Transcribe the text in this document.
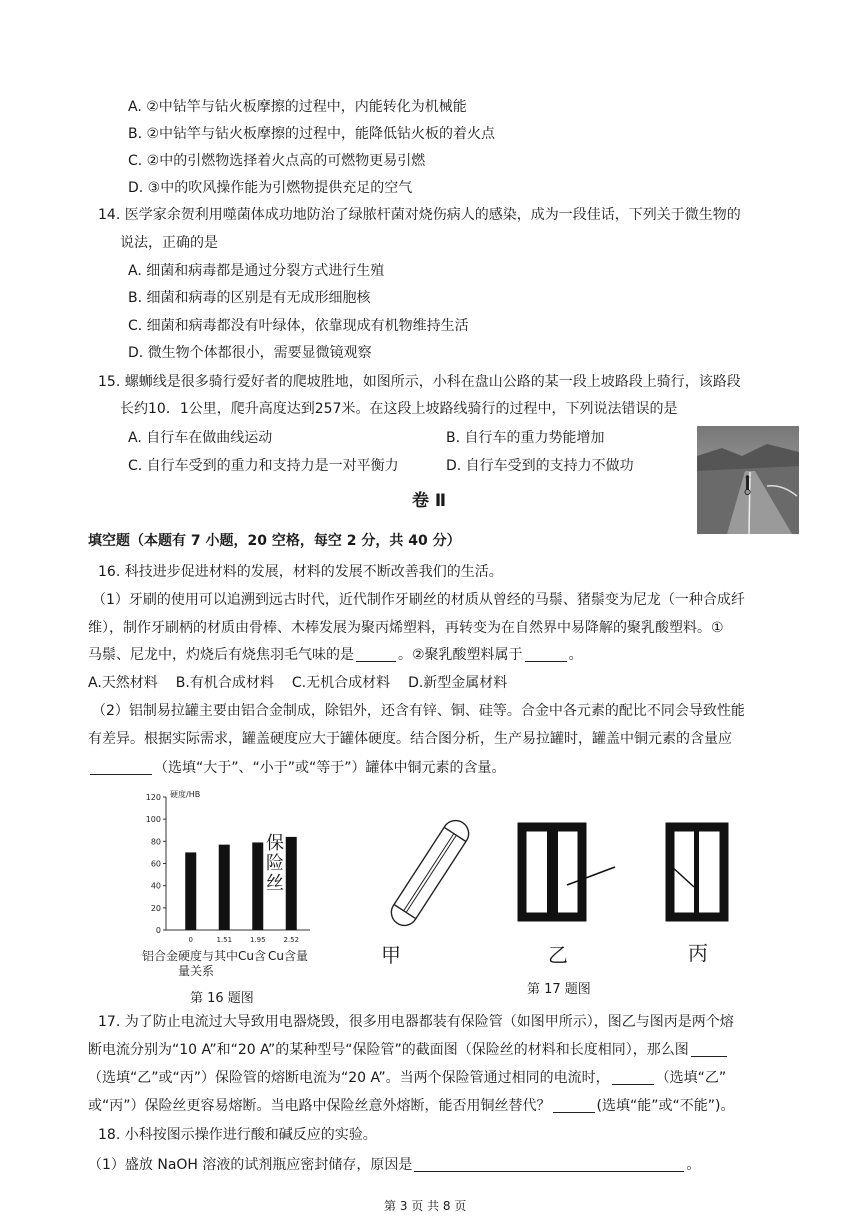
A. ②中钻竿与钻火板摩擦的过程中，内能转化为机械能
B. ②中钻竿与钻火板摩擦的过程中，能降低钻火板的着火点
C. ②中的引燃物选择着火点高的可燃物更易引燃
D. ③中的吹风操作能为引燃物提供充足的空气
14. 医学家余贺利用噬菌体成功地防治了绿脓杆菌对烧伤病人的感染，成为一段佳话，下列关于微生物的
说法，正确的是
A. 细菌和病毒都是通过分裂方式进行生殖
B. 细菌和病毒的区别是有无成形细胞核
C. 细菌和病毒都没有叶绿体，依靠现成有机物维持生活
D. 微生物个体都很小，需要显微镜观察
15. 螺蛳线是很多骑行爱好者的爬坡胜地，如图所示，小科在盘山公路的某一段上坡路段上骑行，该路段
长约10．1公里，爬升高度达到257米。在这段上坡路线骑行的过程中，下列说法错误的是
A. 自行车在做曲线运动	B. 自行车的重力势能增加
C. 自行车受到的重力和支持力是一对平衡力	D. 自行车受到的支持力不做功
卷 Ⅱ
填空题（本题有 7 小题，20 空格，每空 2 分，共 40 分）
16. 科技进步促进材料的发展，材料的发展不断改善我们的生活。
（1）牙刷的使用可以追溯到远古时代，近代制作牙刷丝的材质从曾经的马鬃、猪鬃变为尼龙（一种合成纤
维），制作牙刷柄的材质由骨棒、木棒发展为聚丙烯塑料，再转变为在自然界中易降解的聚乳酸塑料。①
马鬃、尼龙中，灼烧后有烧焦羽毛气味的是	。②聚乳酸塑料属于	。
A.天然材料 B.有机合成材料 C.无机合成材料 D.新型金属材料
（2）铝制易拉罐主要由铝合金制成，除铝外，还含有锌、铜、硅等。合金中各元素的配比不同会导致性能
有差异。根据实际需求，罐盖硬度应大于罐体硬度。结合图分析，生产易拉罐时，罐盖中铜元素的含量应
（选填“大于”、“小于”或“等于”）罐体中铜元素的含量。
0	1.51	1.95	2.52
0
20
40
60
80
100
120 硬度/HB
铝合金硬度与其中Cu含 Cu含量
量关系
第 16 题图
保
险
丝
甲	乙	丙
第 17 题图
17. 为了防止电流过大导致用电器烧毁，很多用电器都装有保险管（如图甲所示），图乙与图丙是两个熔
断电流分别为“10 A”和“20 A”的某种型号“保险管”的截面图（保险丝的材料和长度相同），那么图
（选填“乙”或“丙”）保险管的熔断电流为“20 A”。当两个保险管通过相同的电流时，	（选填“乙”
或“丙”）保险丝更容易熔断。当电路中保险丝意外熔断，能否用铜丝替代？	(选填“能”或“不能”)。
18. 小科按图示操作进行酸和碱反应的实验。
（1）盛放 NaOH 溶液的试剂瓶应密封储存，原因是	。
第 3 页 共 8 页
